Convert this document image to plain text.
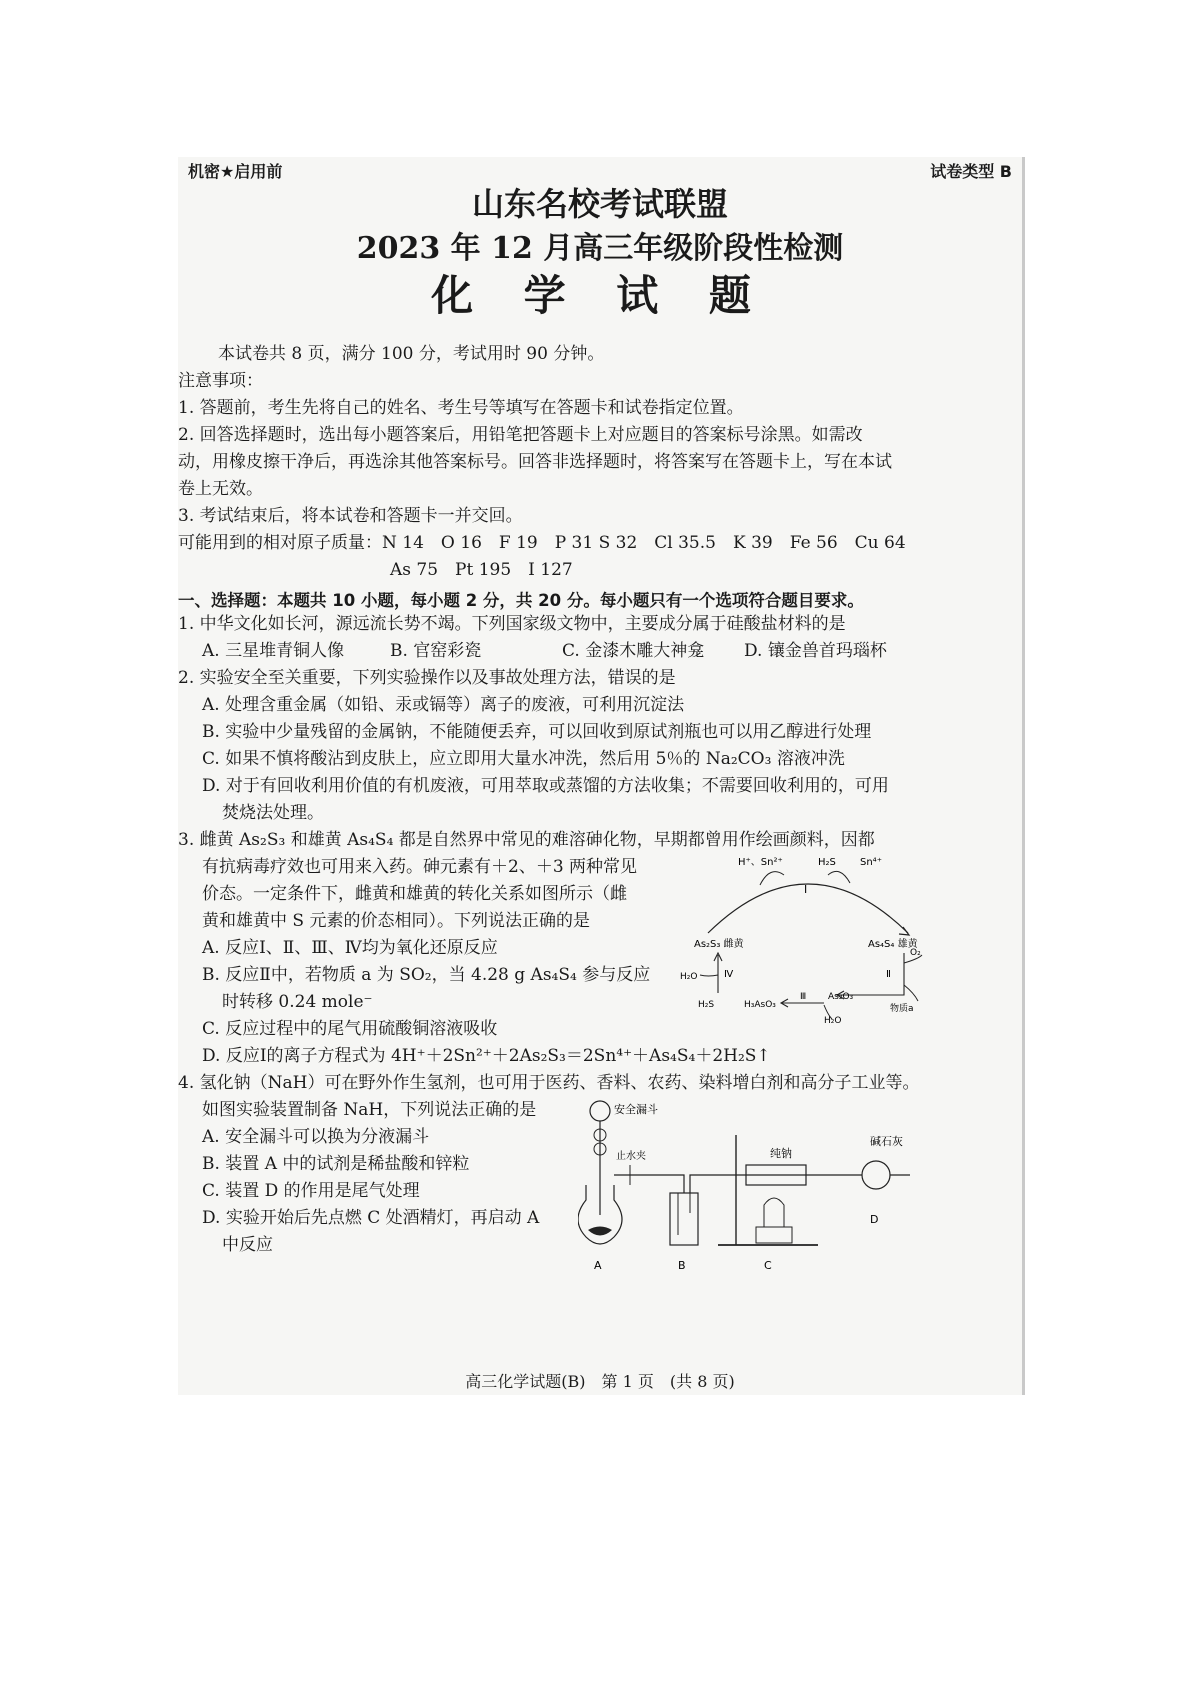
机密★启用前	试卷类型 B
山东名校考试联盟
2023 年 12 月高三年级阶段性检测
化 学 试 题
本试卷共 8 页，满分 100 分，考试用时 90 分钟。
注意事项：
1. 答题前，考生先将自己的姓名、考生号等填写在答题卡和试卷指定位置。
2. 回答选择题时，选出每小题答案后，用铅笔把答题卡上对应题目的答案标号涂黑。如需改
动，用橡皮擦干净后，再选涂其他答案标号。回答非选择题时，将答案写在答题卡上，写在本试
卷上无效。
3. 考试结束后，将本试卷和答题卡一并交回。
可能用到的相对原子质量：N 14　O 16　F 19　P 31 S 32　Cl 35.5　K 39　Fe 56　Cu 64
As 75　Pt 195　I 127
一、选择题：本题共 10 小题，每小题 2 分，共 20 分。每小题只有一个选项符合题目要求。
1. 中华文化如长河，源远流长势不竭。下列国家级文物中，主要成分属于硅酸盐材料的是
A. 三星堆青铜人像	B. 官窑彩瓷	C. 金漆木雕大神龛 D. 镶金兽首玛瑙杯
2. 实验安全至关重要，下列实验操作以及事故处理方法，错误的是
A. 处理含重金属（如铅、汞或镉等）离子的废液，可利用沉淀法
B. 实验中少量残留的金属钠，不能随便丢弃，可以回收到原试剂瓶也可以用乙醇进行处理
C. 如果不慎将酸沾到皮肤上，应立即用大量水冲洗，然后用 5％的 Na₂CO₃ 溶液冲洗
D. 对于有回收利用价值的有机废液，可用萃取或蒸馏的方法收集；不需要回收利用的，可用
焚烧法处理。
3. 雌黄 As₂S₃ 和雄黄 As₄S₄ 都是自然界中常见的难溶砷化物，早期都曾用作绘画颜料，因都
有抗病毒疗效也可用来入药。砷元素有＋2、＋3 两种常见
价态。一定条件下，雌黄和雄黄的转化关系如图所示（雌
黄和雄黄中 S 元素的价态相同）。下列说法正确的是
A. 反应Ⅰ、Ⅱ、Ⅲ、Ⅳ均为氧化还原反应
B. 反应Ⅱ中，若物质 a 为 SO₂，当 4.28 g As₄S₄ 参与反应
时转移 0.24 mole⁻
C. 反应过程中的尾气用硫酸铜溶液吸收
D. 反应Ⅰ的离子方程式为 4H⁺＋2Sn²⁺＋2As₂S₃＝2Sn⁴⁺＋As₄S₄＋2H₂S↑
H⁺、Sn²⁺	H₂S Sn⁴⁺
Ⅰ
As₂S₃ 雌黄	As₄S₄ 雄黄
O₂
Ⅱ
物质a
As₂O₃
Ⅲ
H₂O
H₃AsO₃
H₂S
Ⅳ
H₂O
4. 氢化钠（NaH）可在野外作生氢剂，也可用于医药、香料、农药、染料增白剂和高分子工业等。
如图实验装置制备 NaH，下列说法正确的是
A. 安全漏斗可以换为分液漏斗
B. 装置 A 中的试剂是稀盐酸和锌粒
C. 装置 D 的作用是尾气处理
D. 实验开始后先点燃 C 处酒精灯，再启动 A
中反应
安全漏斗
止水夹	纯钠
碱石灰
A	B	C
D
高三化学试题(B)　第 1 页　(共 8 页)
